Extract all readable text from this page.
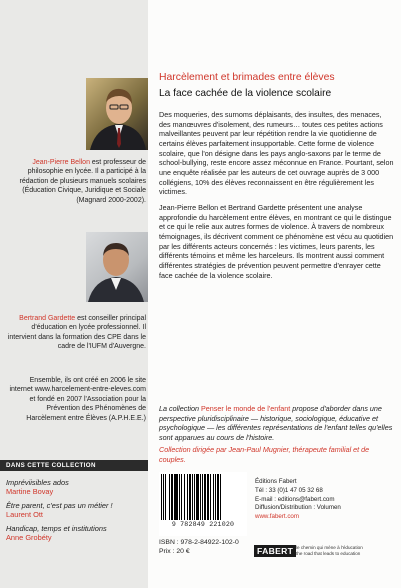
Jean-Pierre Bellon est professeur de philosophie en lycée. Il a participé à la rédaction de plusieurs manuels scolaires (Éducation Civique, Juridique et Sociale (Magnard 2000-2002).
Bertrand Gardette est conseiller principal d'éducation en lycée professionnel. Il intervient dans la formation des CPE dans le cadre de l'IUFM d'Auvergne.
Ensemble, ils ont créé en 2006 le site internet www.harcelement-entre-eleves.com et fondé en 2007 l'Association pour la Prévention des Phénomènes de Harcèlement entre Élèves (A.P.H.E.E.)
DANS CETTE COLLECTION
Impréviisibles ados
Martine Bovay
Être parent, c'est pas un métier !
Laurent Ott
Handicap, temps et institutions
Anne Grobéty
Harcèlement et brimades entre élèves
La face cachée de la violence scolaire

Des moqueries, des surnoms déplaisants, des insultes, des menaces, des manœuvres d'isolement, des rumeurs… toutes ces petites actions malveillantes peuvent par leur répétition rendre la vie quotidienne de certains élèves parfaitement insupportable. Cette forme de violence scolaire, que l'on désigne dans les pays anglo-saxons par le terme de school-bullying, reste encore assez méconnue en France. Pourtant, selon une enquête réalisée par les auteurs de cet ouvrage auprès de 3 000 collégiens, 10% des élèves reconnaissent en être régulièrement les victimes.

Jean-Pierre Bellon et Bertrand Gardette présentent une analyse approfondie du harcèlement entre élèves, en montrant ce qui le distingue et ce qui le relie aux autres formes de violence. À travers de nombreux témoignages, ils décrivent comment ce phénomène est vécu au quotidien par les différents acteurs concernés : les victimes, leurs parents, les différents témoins et même les harceleurs. Ils montrent aussi comment différentes stratégies de prévention peuvent permettre d'enrayer cette face cachée de la violence scolaire.

La collection Penser le monde de l'enfant propose d'aborder dans une perspective pluridisciplinaire — historique, sociologique, éducative et psychologique — les différentes représentations de l'enfant telles qu'elles sont apparues au cours de l'histoire.
Collection dirigée par Jean-Paul Mugnier, thérapeute familial et de couples.
9 782849 221020
ISBN : 978-2-84922-102-0
Prix : 20 €
Éditions Fabert
Tél : 33 (0)1 47 05 32 68
E-mail : editions@fabert.com
Diffusion/Distribution : Volumen
www.fabert.com
FABERT le chemin qui mène à l'éducation
the road that leads to education
